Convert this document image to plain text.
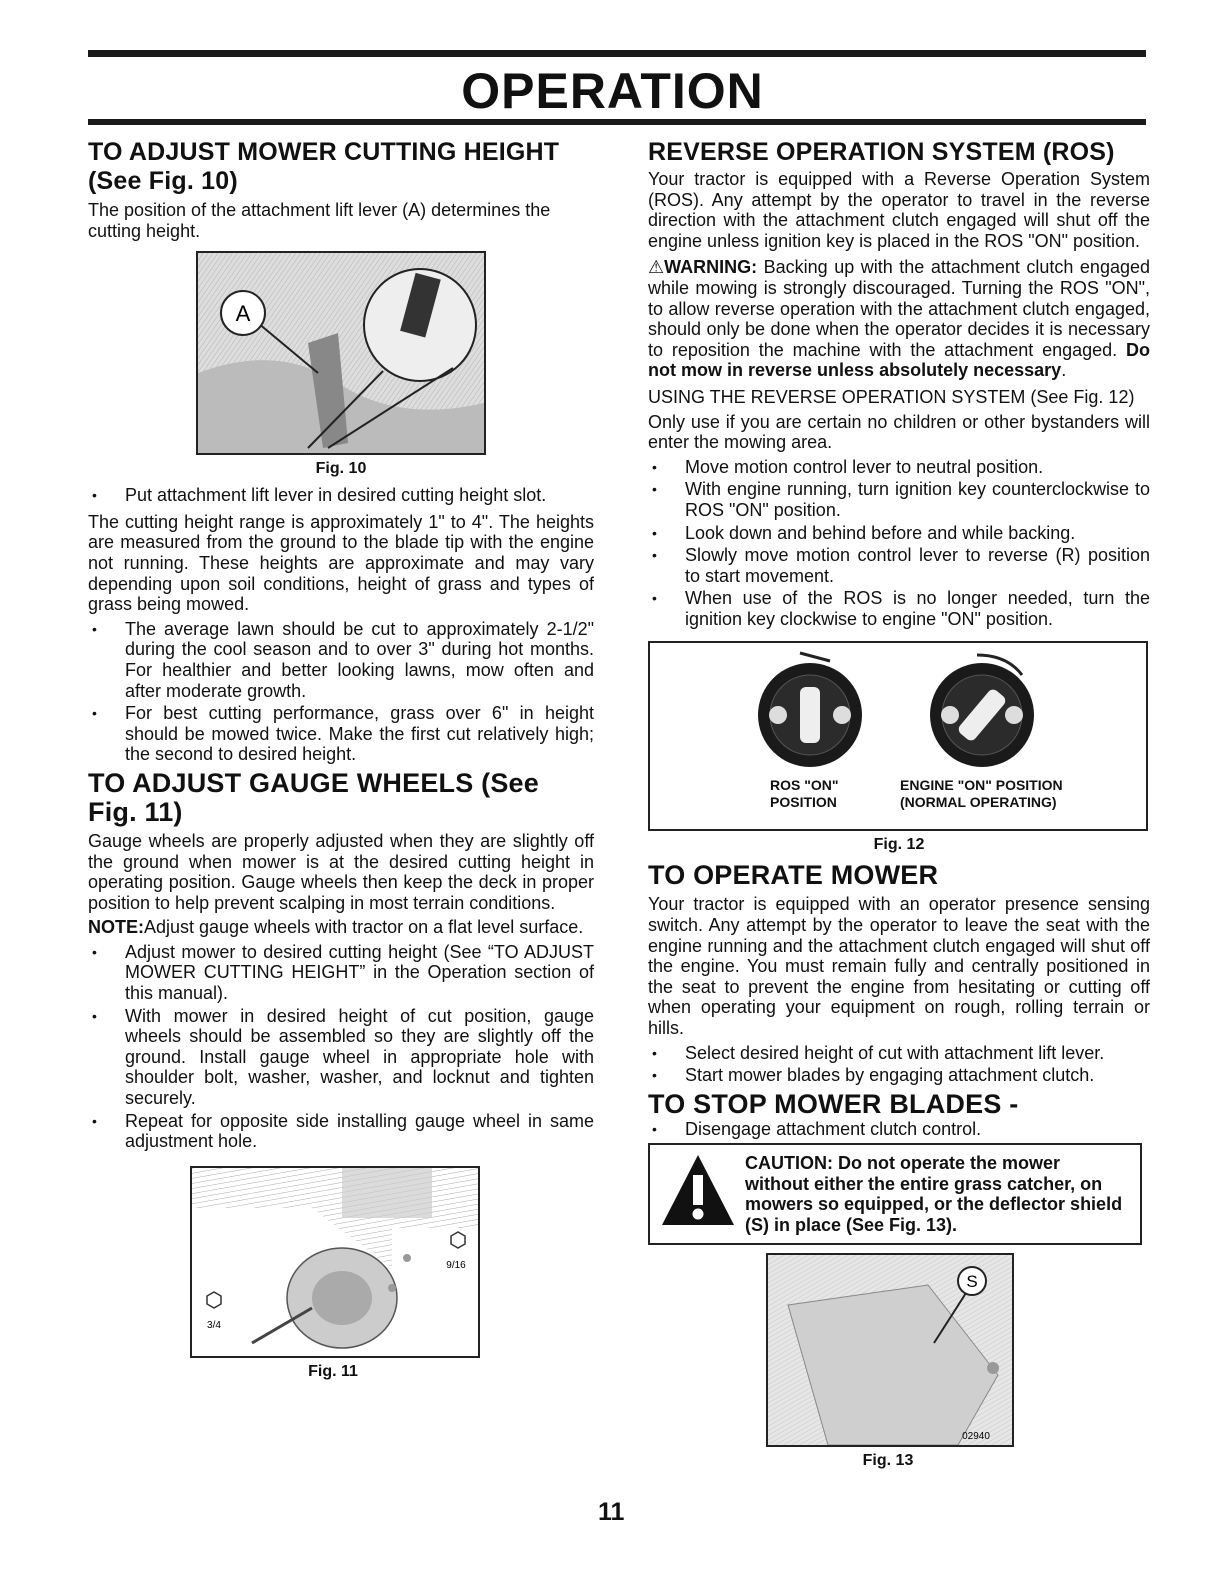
OPERATION
TO ADJUST MOWER CUTTING HEIGHT
(See Fig. 10)

The position of the attachment lift lever (A) determines the cutting height.

A
Fig. 10
• Put attachment lift lever in desired cutting height slot.

The cutting height range is approximately 1" to 4". The heights are measured from the ground to the blade tip with the engine not running. These heights are approximate and may vary depending upon soil conditions, height of grass and types of grass being mowed.

• The average lawn should be cut to approximately 2-1/2" during the cool season and to over 3" during hot months. For healthier and better looking lawns, mow often and after moderate growth.
• For best cutting performance, grass over 6" in height should be mowed twice. Make the first cut relatively high; the second to desired height.
TO ADJUST GAUGE WHEELS (See Fig. 11)

Gauge wheels are properly adjusted when they are slightly off the ground when mower is at the desired cutting height in operating position. Gauge wheels then keep the deck in proper position to help prevent scalping in most terrain conditions.

NOTE:Adjust gauge wheels with tractor on a flat level surface.

• Adjust mower to desired cutting height (See “TO ADJUST MOWER CUTTING HEIGHT” in the Operation section of this manual).
• With mower in desired height of cut position, gauge wheels should be assembled so they are slightly off the ground. Install gauge wheel in appropriate hole with shoulder bolt, washer, washer, and locknut and tighten securely.
• Repeat for opposite side installing gauge wheel in same adjustment hole.
9/16
3/4
Fig. 11
REVERSE OPERATION SYSTEM (ROS)

Your tractor is equipped with a Reverse Operation System (ROS). Any attempt by the operator to travel in the reverse direction with the attachment clutch engaged will shut off the engine unless ignition key is placed in the ROS "ON" position.

⚠WARNING: Backing up with the attachment clutch engaged while mowing is strongly discouraged. Turning the ROS "ON", to allow reverse operation with the attachment clutch engaged, should only be done when the operator decides it is necessary to reposition the machine with the attachment engaged. Do not mow in reverse unless absolutely necessary.

USING THE REVERSE OPERATION SYSTEM (See Fig. 12)

Only use if you are certain no children or other bystanders will enter the mowing area.

• Move motion control lever to neutral position.
• With engine running, turn ignition key counterclockwise to ROS "ON" position.
• Look down and behind before and while backing.
• Slowly move motion control lever to reverse (R) position to start movement.
• When use of the ROS is no longer needed, turn the ignition key clockwise to engine "ON" position.
ROS "ON"
POSITION
ENGINE "ON" POSITION
(NORMAL OPERATING)
Fig. 12
TO OPERATE MOWER

Your tractor is equipped with an operator presence sensing switch. Any attempt by the operator to leave the seat with the engine running and the attachment clutch engaged will shut off the engine. You must remain fully and centrally positioned in the seat to prevent the engine from hesitating or cutting off when operating your equipment on rough, rolling terrain or hills.

• Select desired height of cut with attachment lift lever.
• Start mower blades by engaging attachment clutch.
TO STOP MOWER BLADES -
• Disengage attachment clutch control.
CAUTION: Do not operate the mower without either the entire grass catcher, on mowers so equipped, or the deflector shield (S) in place (See Fig. 13).
S
02940
Fig. 13
11
